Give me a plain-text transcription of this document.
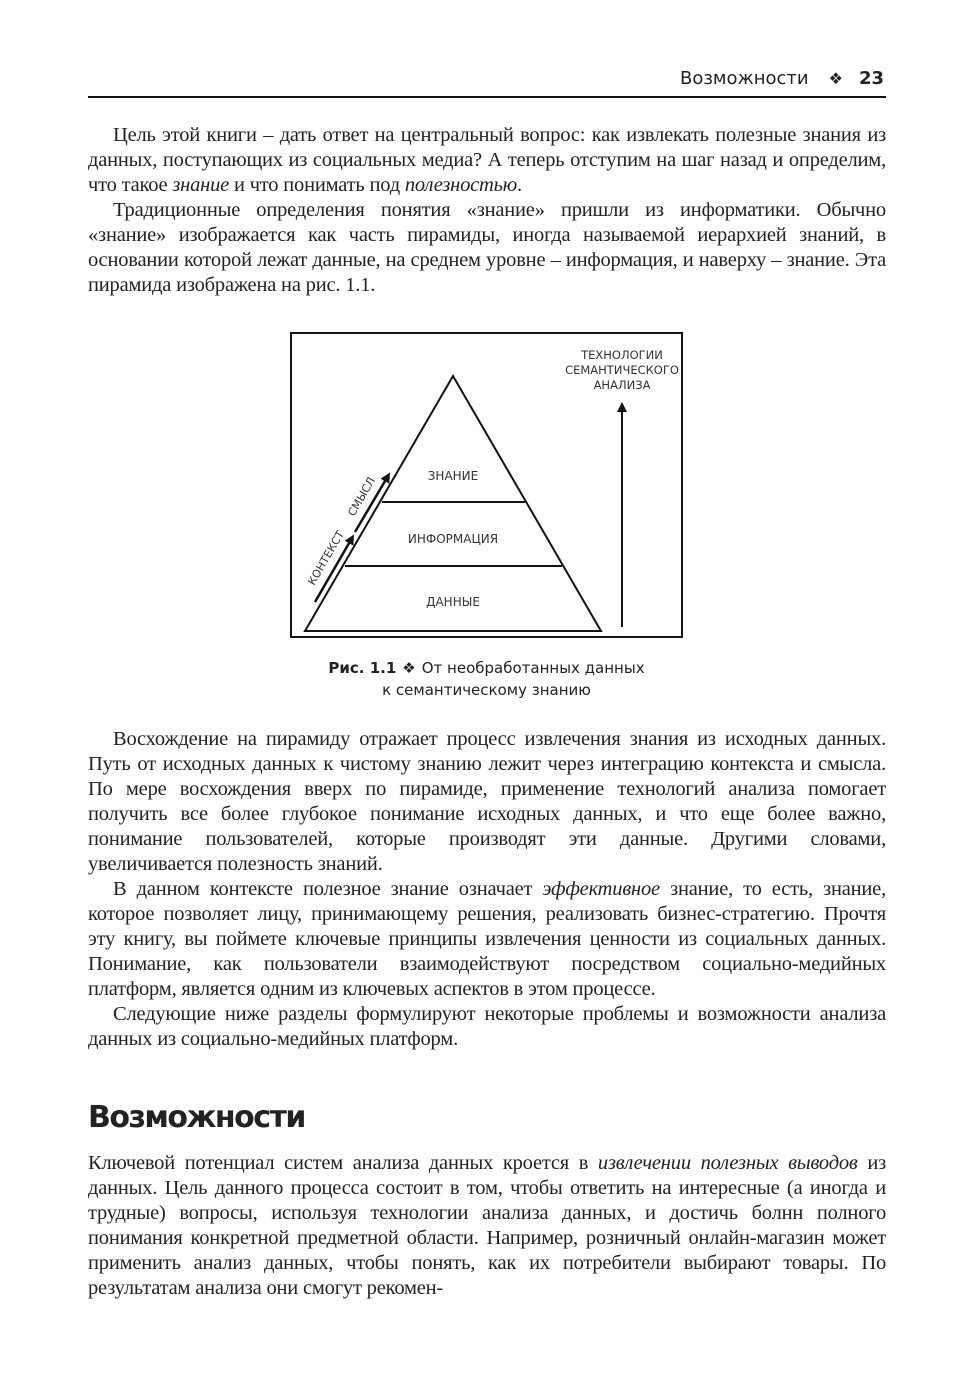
Возможности ❖ 23

Цель этой книги – дать ответ на центральный вопрос: как извлекать полезные знания из данных, поступающих из социальных медиа? А теперь отступим на шаг назад и определим, что такое знание и что понимать под полезностью.

Традиционные определения понятия «знание» пришли из информатики. Обычно «знание» изображается как часть пирамиды, иногда называемой иерархией знаний, в основании которой лежат данные, на среднем уровне – информация, и наверху – знание. Эта пирамида изображена на рис. 1.1.

ЗНАНИЕ
ИНФОРМАЦИЯ
ДАННЫЕ
КОНТЕКСТ
СМЫСЛ
ТЕХНОЛОГИИ
СЕМАНТИЧЕСКОГО
АНАЛИЗА
Рис. 1.1 ❖ От необработанных данных
к семантическому знанию

Восхождение на пирамиду отражает процесс извлечения знания из исходных данных. Путь от исходных данных к чистому знанию лежит через интеграцию контекста и смысла. По мере восхождения вверх по пирамиде, применение технологий анализа помогает получить все более глубокое понимание исходных данных, и что еще более важно, понимание пользователей, которые производят эти данные. Другими словами, увеличивается полезность знаний.

В данном контексте полезное знание означает эффективное знание, то есть, знание, которое позволяет лицу, принимающему решения, реализовать бизнес-стратегию. Прочтя эту книгу, вы поймете ключевые принципы извлечения ценности из социальных данных. Понимание, как пользователи взаимодействуют посредством социально-медийных платформ, является одним из ключевых аспектов в этом процессе.

Следующие ниже разделы формулируют некоторые проблемы и возможности анализа данных из социально-медийных платформ.

Возможности

Ключевой потенциал систем анализа данных кроется в извлечении полезных выводов из данных. Цель данного процесса состоит в том, чтобы ответить на интересные (а иногда и трудные) вопросы, используя технологии анализа данных, и достичь болнн полного понимания конкретной предметной области. Например, розничный онлайн-магазин может применить анализ данных, чтобы понять, как их потребители выбирают товары. По результатам анализа они смогут рекомен-
